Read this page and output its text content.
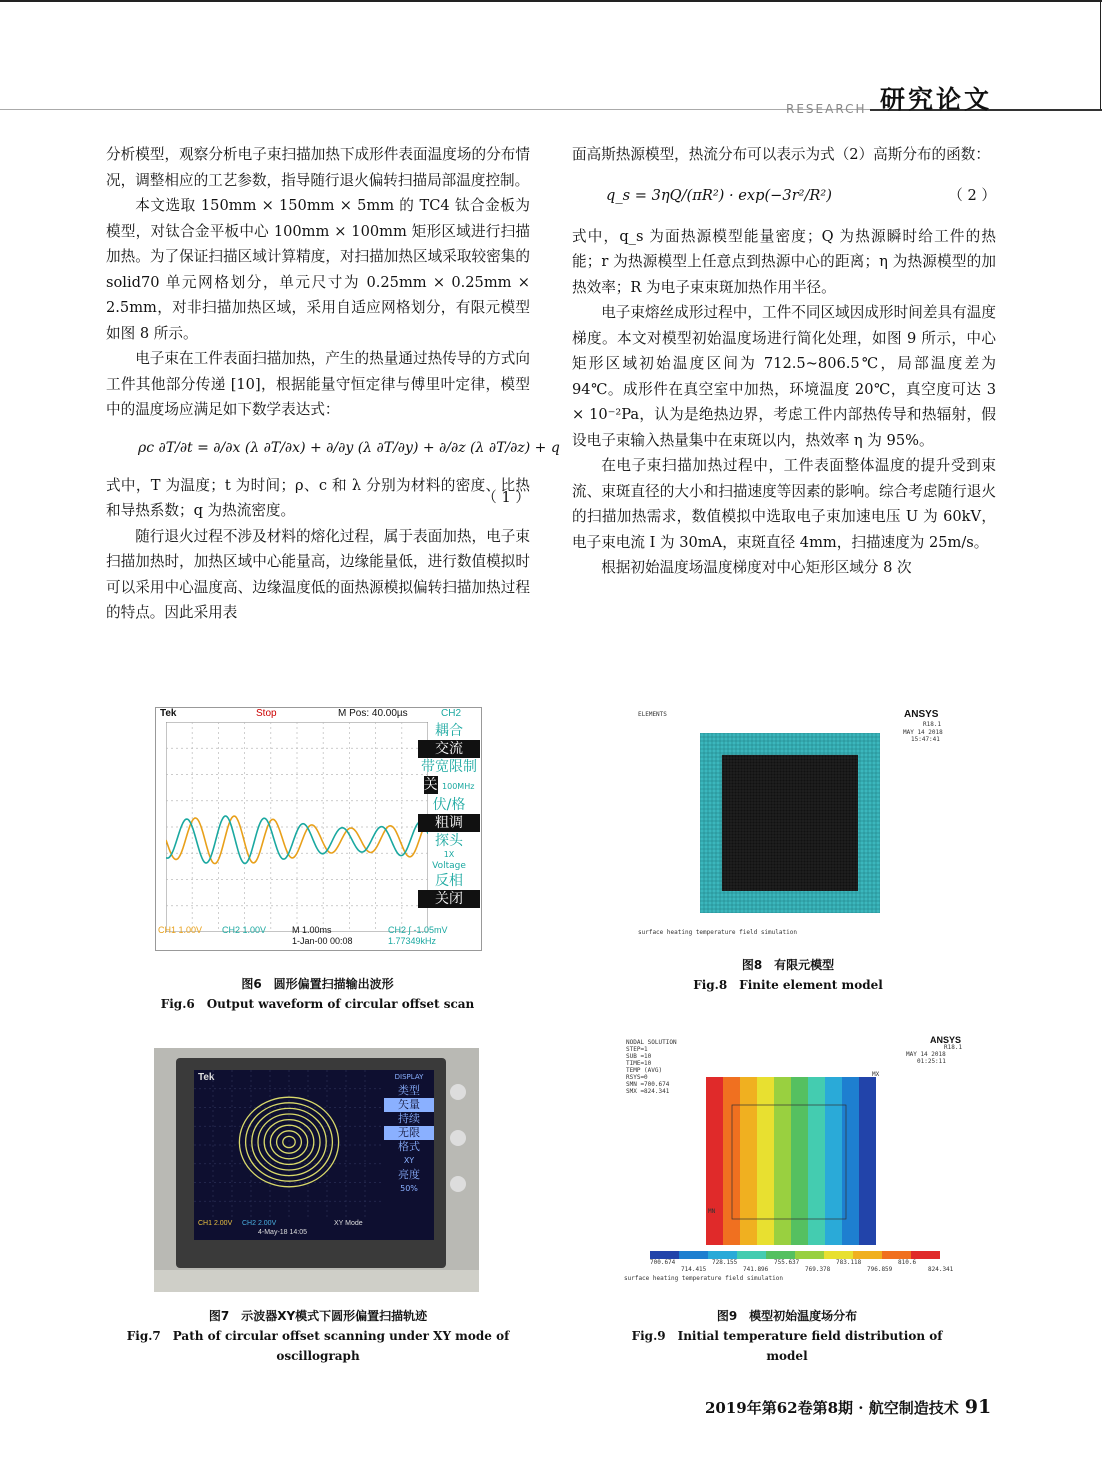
RESEARCH 研究论文

分析模型，观察分析电子束扫描加热下成形件表面温度场的分布情况，调整相应的工艺参数，指导随行退火偏转扫描局部温度控制。

本文选取 150mm × 150mm × 5mm 的 TC4 钛合金板为模型，对钛合金平板中心 100mm × 100mm 矩形区域进行扫描加热。为了保证扫描区域计算精度，对扫描加热区域采取较密集的 solid70 单元网格划分，单元尺寸为 0.25mm × 0.25mm × 2.5mm，对非扫描加热区域，采用自适应网格划分，有限元模型如图 8 所示。

电子束在工件表面扫描加热，产生的热量通过热传导的方式向工件其他部分传递 [10]，根据能量守恒定律与傅里叶定律，模型中的温度场应满足如下数学表达式：

ρc ∂T/∂t = ∂/∂x (λ ∂T/∂x) + ∂/∂y (λ ∂T/∂y) + ∂/∂z (λ ∂T/∂z) + q
（ 1 ）

式中，T 为温度；t 为时间；ρ、c 和 λ 分别为材料的密度、比热和导热系数；q 为热流密度。

随行退火过程不涉及材料的熔化过程，属于表面加热，电子束扫描加热时，加热区域中心能量高，边缘能量低，进行数值模拟时可以采用中心温度高、边缘温度低的面热源模拟偏转扫描加热过程的特点。因此采用表

面高斯热源模型，热流分布可以表示为式（2）高斯分布的函数：

q_s = 3ηQ/(πR²) · exp(−3r²/R²)	（ 2 ）

式中，q_s 为面热源模型能量密度；Q 为热源瞬时给工件的热能；r 为热源模型上任意点到热源中心的距离；η 为热源模型的加热效率；R 为电子束束斑加热作用半径。

电子束熔丝成形过程中，工件不同区域因成形时间差具有温度梯度。本文对模型初始温度场进行简化处理，如图 9 所示，中心矩形区域初始温度区间为 712.5~806.5℃，局部温度差为 94℃。成形件在真空室中加热，环境温度 20℃，真空度可达 3 × 10⁻²Pa，认为是绝热边界，考虑工件内部热传导和热辐射，假设电子束输入热量集中在束斑以内，热效率 η 为 95%。

在电子束扫描加热过程中，工件表面整体温度的提升受到束流、束斑直径的大小和扫描速度等因素的影响。综合考虑随行退火的扫描加热需求，数值模拟中选取电子束加速电压 U 为 60kV，电子束电流 I 为 30mA，束斑直径 4mm，扫描速度为 25m/s。

根据初始温度场温度梯度对中心矩形区域分 8 次

Tek	Stop	M Pos: 40.00µs	CH2
耦合
交流
带宽限制
关 100MHz
伏/格
粗调
探头
1X
Voltage
反相
关闭
CH1 1.00V CH2 1.00V	M 1.00ms
1-Jan-00 00:08
CH2 ∫ -1.05mV
1.77349kHz
图6　圆形偏置扫描输出波形
Fig.6　Output waveform of circular offset scan
Tek
CH1 2.00V CH2 2.00V	XY Mode
4-May-18 14:05
DISPLAY
类型
矢量
持续
无限
格式
XY
亮度
50%
图7　示波器XY模式下圆形偏置扫描轨迹
Fig.7　Path of circular offset scanning under XY mode of oscillograph
ELEMENTS	ANSYS
R18.1
MAY 14 2018
15:47:41
surface heating temperature field simulation
图8　有限元模型
Fig.8　Finite element model
NODAL SOLUTION
STEP=1
SUB =10
TIME=10
TEMP (AVG)
RSYS=0
SMN =700.674
SMX =824.341
ANSYS
R18.1
MAY 14 2018
01:25:11
MN
MX
700.674	728.155	755.637	783.118	810.6
714.415	741.896	769.378	796.859	824.341
surface heating temperature field simulation
图9　模型初始温度场分布
Fig.9　Initial temperature field distribution of model
2019年第62卷第8期 · 航空制造技术 91
